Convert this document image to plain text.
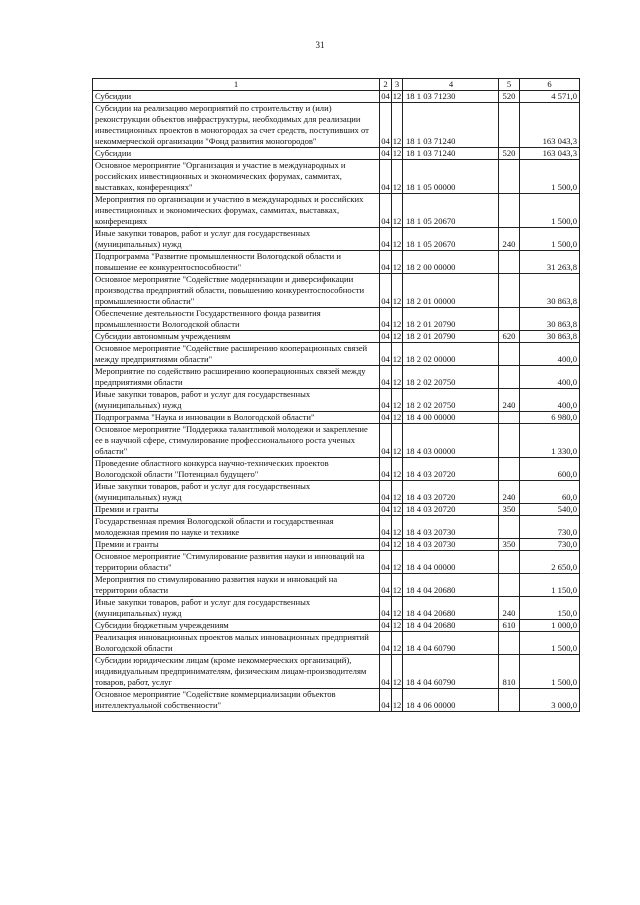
31
1	2	3	4	5	6
Субсидии	04	12	18 1 03 71230	520	4 571,0
Субсидии на реализацию мероприятий по строительству и (или) реконструкции объектов инфраструктуры, необходимых для реализации инвестиционных проектов в моногородах за счет средств, поступивших от некоммерческой организации "Фонд развития моногородов"	04	12	18 1 03 71240		163 043,3
Субсидии	04	12	18 1 03 71240	520	163 043,3
Основное мероприятие "Организация и участие в международных и российских инвестиционных и экономических форумах, саммитах, выставках, конференциях"	04	12	18 1 05 00000		1 500,0
Мероприятия по организации и участию в международных и российских инвестиционных и экономических форумах, саммитах, выставках, конференциях	04	12	18 1 05 20670		1 500,0
Иные закупки товаров, работ и услуг для государственных (муниципальных) нужд	04	12	18 1 05 20670	240	1 500,0
Подпрограмма "Развитие промышленности Вологодской области и повышение ее конкурентоспособности"	04	12	18 2 00 00000		31 263,8
Основное мероприятие "Содействие модернизации и диверсификации производства предприятий области, повышению конкурентоспособности промышленности области"	04	12	18 2 01 00000		30 863,8
Обеспечение деятельности Государственного фонда развития промышленности Вологодской области	04	12	18 2 01 20790		30 863,8
Субсидии автономным учреждениям	04	12	18 2 01 20790	620	30 863,8
Основное мероприятие "Содействие расширению кооперационных связей между предприятиями области"	04	12	18 2 02 00000		400,0
Мероприятие по содействию расширению кооперационных связей между предприятиями области	04	12	18 2 02 20750		400,0
Иные закупки товаров, работ и услуг для государственных (муниципальных) нужд	04	12	18 2 02 20750	240	400,0
Подпрограмма "Наука и инновации в Вологодской области"	04	12	18 4 00 00000		6 980,0
Основное мероприятие "Поддержка талантливой молодежи и закрепление ее в научной сфере, стимулирование профессионального роста ученых области"	04	12	18 4 03 00000		1 330,0
Проведение областного конкурса научно-технических проектов Вологодской области "Потенциал будущего"	04	12	18 4 03 20720		600,0
Иные закупки товаров, работ и услуг для государственных (муниципальных) нужд	04	12	18 4 03 20720	240	60,0
Премии и гранты	04	12	18 4 03 20720	350	540,0
Государственная премия Вологодской области и государственная молодежная премия по науке и технике	04	12	18 4 03 20730		730,0
Премии и гранты	04	12	18 4 03 20730	350	730,0
Основное мероприятие "Стимулирование развития науки и инноваций на территории области"	04	12	18 4 04 00000		2 650,0
Мероприятия по стимулированию развития науки и инноваций на территории области	04	12	18 4 04 20680		1 150,0
Иные закупки товаров, работ и услуг для государственных (муниципальных) нужд	04	12	18 4 04 20680	240	150,0
Субсидии бюджетным учреждениям	04	12	18 4 04 20680	610	1 000,0
Реализация инновационных проектов малых инновационных предприятий Вологодской области	04	12	18 4 04 60790		1 500,0
Субсидии юридическим лицам (кроме некоммерческих организаций), индивидуальным предпринимателям, физическим лицам-производителям товаров, работ, услуг	04	12	18 4 04 60790	810	1 500,0
Основное мероприятие "Содействие коммерциализации объектов интеллектуальной собственности"	04	12	18 4 06 00000		3 000,0
